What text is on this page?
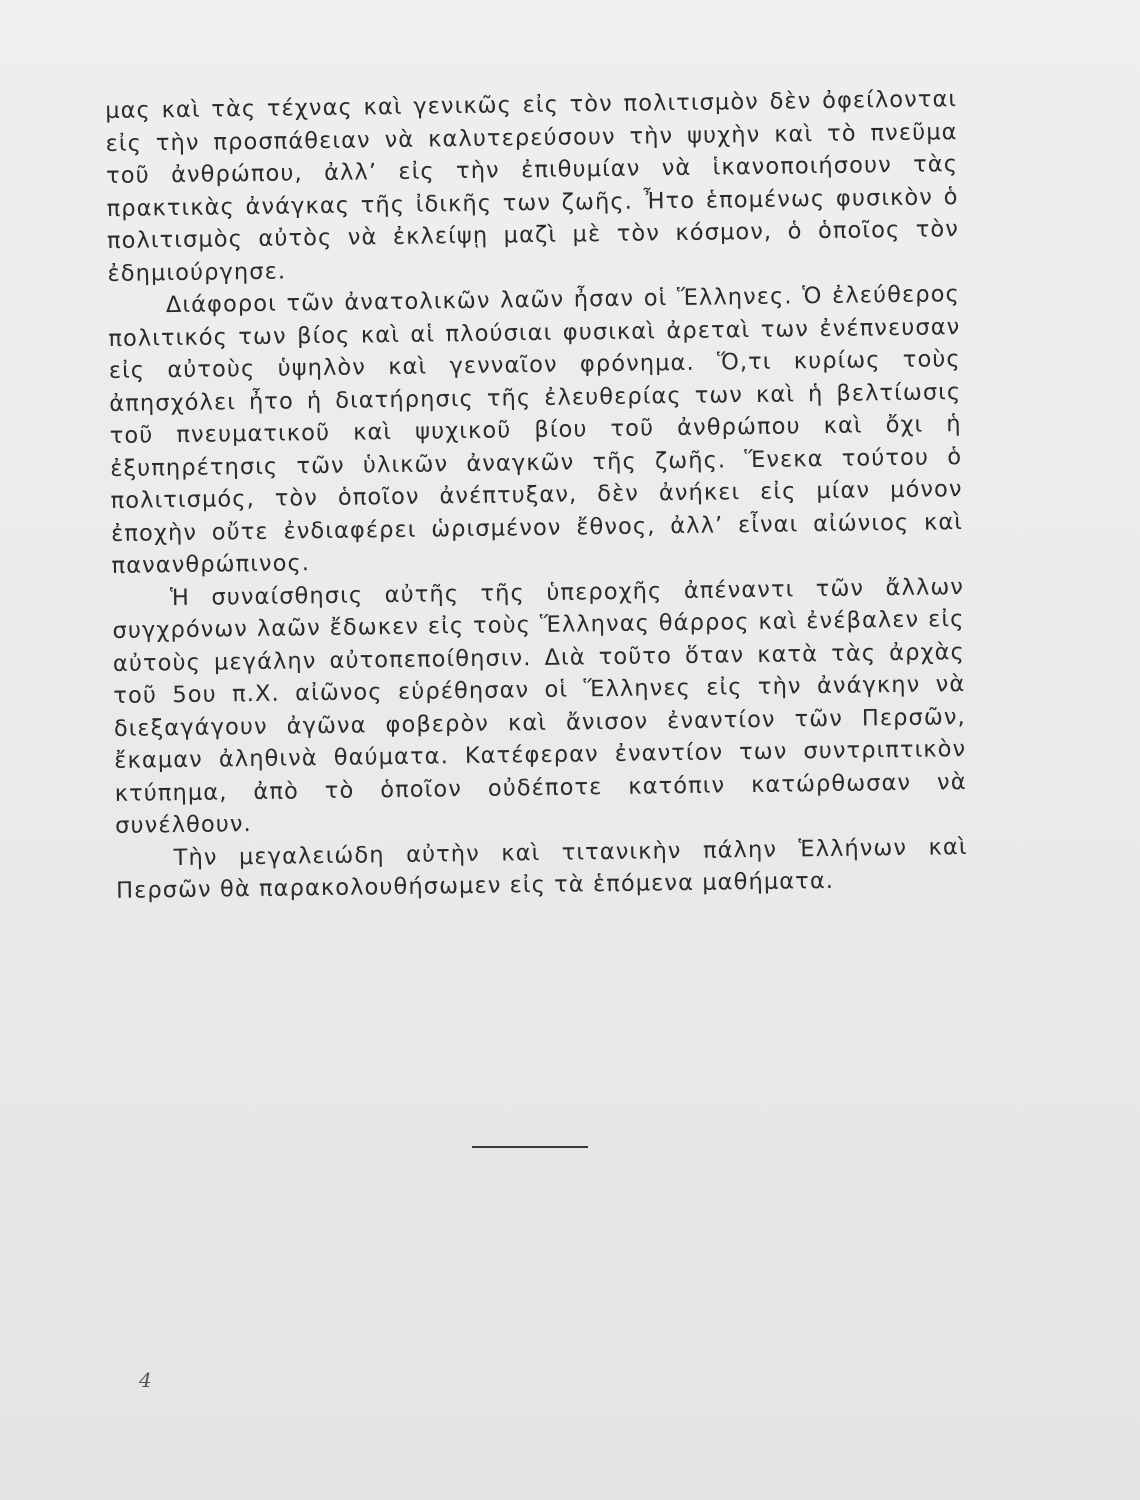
μας καὶ τὰς τέχνας καὶ γενικῶς εἰς τὸν πολιτισμὸν δὲν ὀφείλονται εἰς τὴν προσπάθειαν νὰ καλυτερεύσουν τὴν ψυχὴν καὶ τὸ πνεῦμα τοῦ ἀνθρώπου, ἀλλ’ εἰς τὴν ἐπιθυμίαν νὰ ἱκανοποιήσουν τὰς πρακτικὰς ἀνάγκας τῆς ἰδικῆς των ζωῆς. Ἦτο ἑπομένως φυσικὸν ὁ πολιτισμὸς αὐτὸς νὰ ἐκλείψῃ μαζὶ μὲ τὸν κόσμον, ὁ ὁποῖος τὸν ἐδημιούργησε.

Διάφοροι τῶν ἀνατολικῶν λαῶν ἦσαν οἱ Ἕλληνες. Ὁ ἐλεύθερος πολιτικός των βίος καὶ αἱ πλούσιαι φυσικαὶ ἀρεταὶ των ἐνέπνευσαν εἰς αὐτοὺς ὑψηλὸν καὶ γενναῖον φρόνημα. Ὅ,τι κυρίως τοὺς ἀπησχόλει ἦτο ἡ διατήρησις τῆς ἐλευθερίας των καὶ ἡ βελτίωσις τοῦ πνευματικοῦ καὶ ψυχικοῦ βίου τοῦ ἀνθρώπου καὶ ὄχι ἡ ἐξυπηρέτησις τῶν ὑλικῶν ἀναγκῶν τῆς ζωῆς. Ἕνεκα τούτου ὁ πολιτισμός, τὸν ὁποῖον ἀνέπτυξαν, δὲν ἀνήκει εἰς μίαν μόνον ἐποχὴν οὔτε ἐνδιαφέρει ὡρισμένον ἔθνος, ἀλλ’ εἶναι αἰώνιος καὶ πανανθρώπινος.

Ἡ συναίσθησις αὐτῆς τῆς ὑπεροχῆς ἀπέναντι τῶν ἄλλων συγχρόνων λαῶν ἔδωκεν εἰς τοὺς Ἕλληνας θάρρος καὶ ἐνέβαλεν εἰς αὐτοὺς μεγάλην αὐτοπεποίθησιν. Διὰ τοῦτο ὅταν κατὰ τὰς ἀρχὰς τοῦ 5ου π.Χ. αἰῶνος εὑρέθησαν οἱ Ἕλληνες εἰς τὴν ἀνάγκην νὰ διεξαγάγουν ἀγῶνα φοβερὸν καὶ ἄνισον ἐναντίον τῶν Περσῶν, ἔκαμαν ἀληθινὰ θαύματα. Κατέφεραν ἐναντίον των συντριπτικὸν κτύπημα, ἀπὸ τὸ ὁποῖον οὐδέποτε κατόπιν κατώρθωσαν νὰ συνέλθουν.

Τὴν μεγαλειώδη αὐτὴν καὶ τιτανικὴν πάλην Ἑλλήνων καὶ Περσῶν θὰ παρακολουθήσωμεν εἰς τὰ ἑπόμενα μαθήματα.

4
